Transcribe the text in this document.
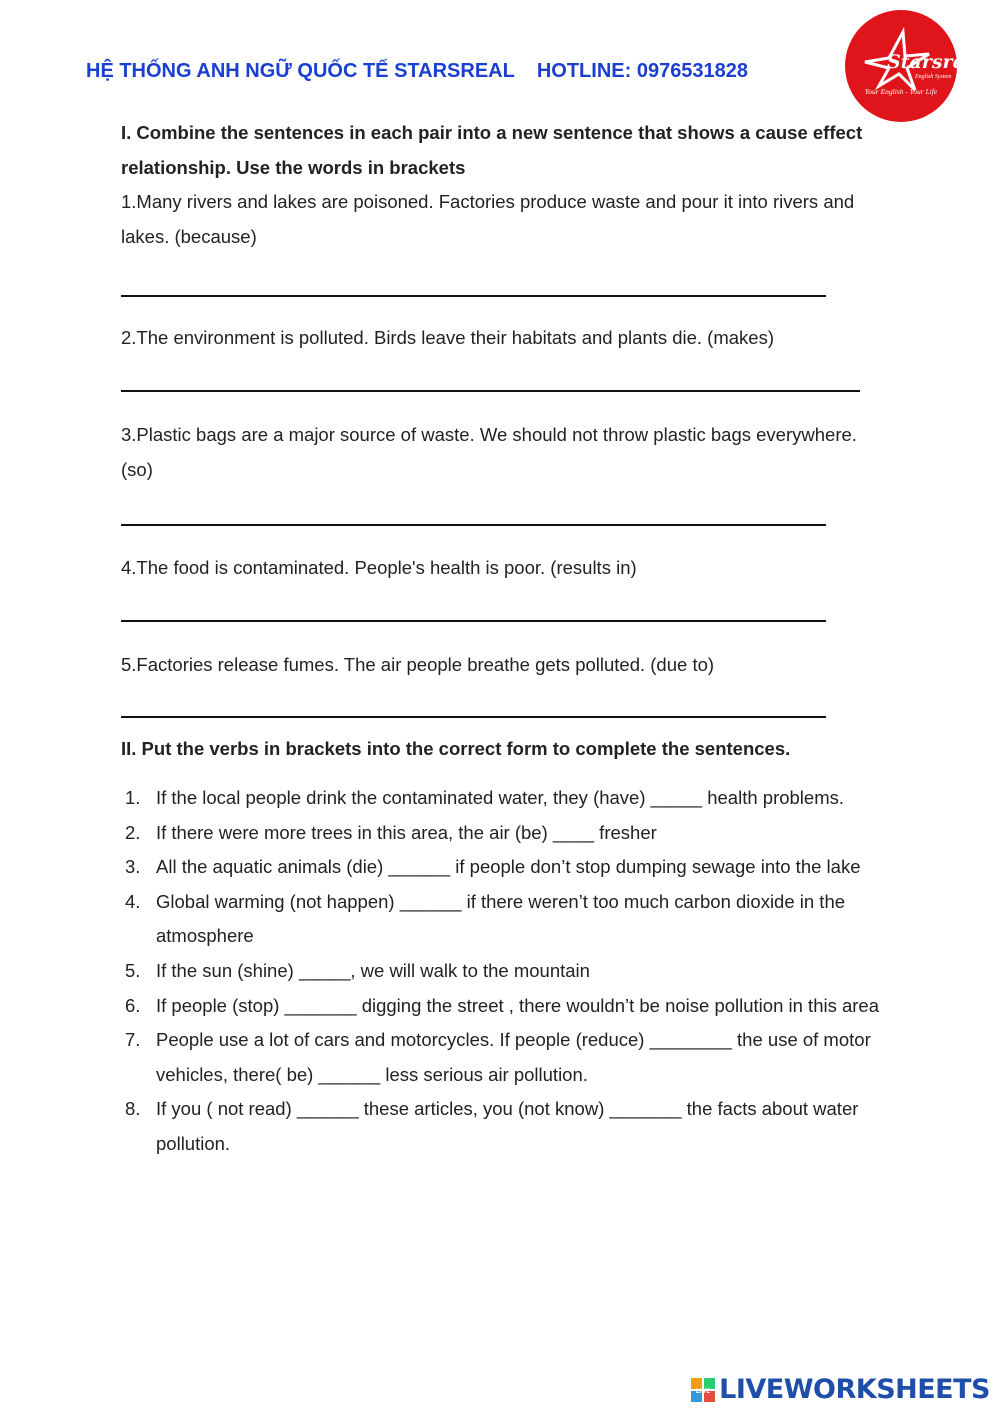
HỆ THỐNG ANH NGỮ QUỐC TẾ STARSREAL HOTLINE: 0976531828	Starsreal
English System
Your English - Your Life
I. Combine the sentences in each pair into a new sentence that shows a cause effect relationship. Use the words in brackets

1.Many rivers and lakes are poisoned. Factories produce waste and pour it into rivers and lakes. (because)

2.The environment is polluted. Birds leave their habitats and plants die. (makes)

3.Plastic bags are a major source of waste. We should not throw plastic bags everywhere. (so)

4.The food is contaminated. People's health is poor. (results in)

5.Factories release fumes. The air people breathe gets polluted. (due to)

II. Put the verbs in brackets into the correct form to complete the sentences.
1. If the local people drink the contaminated water, they (have) _____ health problems.
2. If there were more trees in this area, the air (be) ____ fresher
3. All the aquatic animals (die) ______ if people don’t stop dumping sewage into the lake
4. Global warming (not happen) ______ if there weren’t too much carbon dioxide in the atmosphere
5. If the sun (shine) _____, we will walk to the mountain
6. If people (stop) _______ digging the street , there wouldn’t be noise pollution in this area
7. People use a lot of cars and motorcycles. If people (reduce) ________ the use of motor vehicles, there( be) ______ less serious air pollution.
8. If you ( not read) ______ these articles, you (not know) _______ the facts about water pollution.
LIVE LIVEWORKSHEETS
